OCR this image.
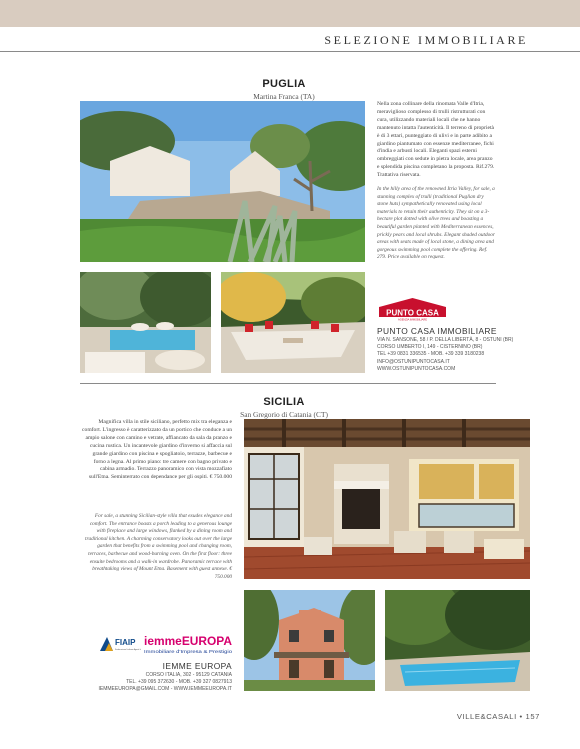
SELEZIONE IMMOBILIARE
PUGLIA
Martina Franca (TA)
Nella zona collinare della rinomata Valle d'Itria, meraviglioso complesso di trulli ristrutturati con cura, utilizzando materiali locali che ne hanno mantenuto intatta l'autenticità. Il terreno di proprietà è di 3 ettari, punteggiato di ulivi e in parte adibito a giardino piantumato con essenze mediterranee, fichi d'india e arbusti locali. Eleganti spazi esterni ombreggiati con sedute in pietra locale, area pranzo e splendida piscina completano la proposta. Rif.279. Trattativa riservata.
In the hilly area of the renowned Itria Valley, for sale, a stunning complex of trulli (traditional Puglian dry stone huts) sympathetically renovated using local materials to retain their authenticity. They sit on a 3-hectare plot dotted with olive trees and boasting a beautiful garden planted with Mediterranean essences, prickly pears and local shrubs. Elegant shaded outdoor areas with seats made of local stone, a dining area and gorgeous swimming pool complete the offering. Ref. 279. Price available on request.
PUNTO CASA
AGENZIA IMMOBILIARE
PUNTO CASA IMMOBILIARE
VIA N. SANSONE, 58 / P. DELLA LIBERTÀ, 8 - OSTUNI (BR)
CORSO UMBERTO I, 149 - CISTERNINO (BR)
TEL +39 0831 336535 - MOB. +39 339 3180238
INFO@OSTUNIPUNTOCASA.IT
WWW.OSTUNIPUNTOCASA.COM
SICILIA
San Gregorio di Catania (CT)
Magnifica villa in stile siciliano, perfetto mix tra eleganza e comfort. L'ingresso è caratterizzato da un portico che conduce a un ampio salone con camino e vetrate, affiancato da sala da pranzo e cucina rustica. Un incantevole giardino d'inverno si affaccia sul grande giardino con piscina e spogliatoio, terrazze, barbecue e forno a legna. Al primo piano: tre camere con bagno privato e cabina armadio. Terrazzo panoramico con vista mozzafiato sull'Etna. Seminterrato con dependance per gli ospiti. € 750.000
For sale, a stunning Sicilian-style villa that exudes elegance and comfort. The entrance boasts a porch leading to a generous lounge with fireplace and large windows, flanked by a dining room and traditional kitchen. A charming conservatory looks out over the large garden that benefits from a swimming pool and changing room, terraces, barbecue and wood-burning oven. On the first floor: three ensuite bedrooms and a walk-in wardrobe. Panoramic terrace with breathtaking views of Mount Etna. Basement with guest annexe. € 750.000
FIAIP
Federazione Italiana Agenti
iemmeEUROPA
Immobiliare d'Impresa & Prestigio
IEMME EUROPA
CORSO ITALIA, 302 - 95129 CATANIA
TEL. +39 095 372630 - MOB. +39 327 0827913
IEMMEEUROPA@GMAIL.COM - WWW.IEMMEEUROPA.IT
VILLE&CASALI • 157
